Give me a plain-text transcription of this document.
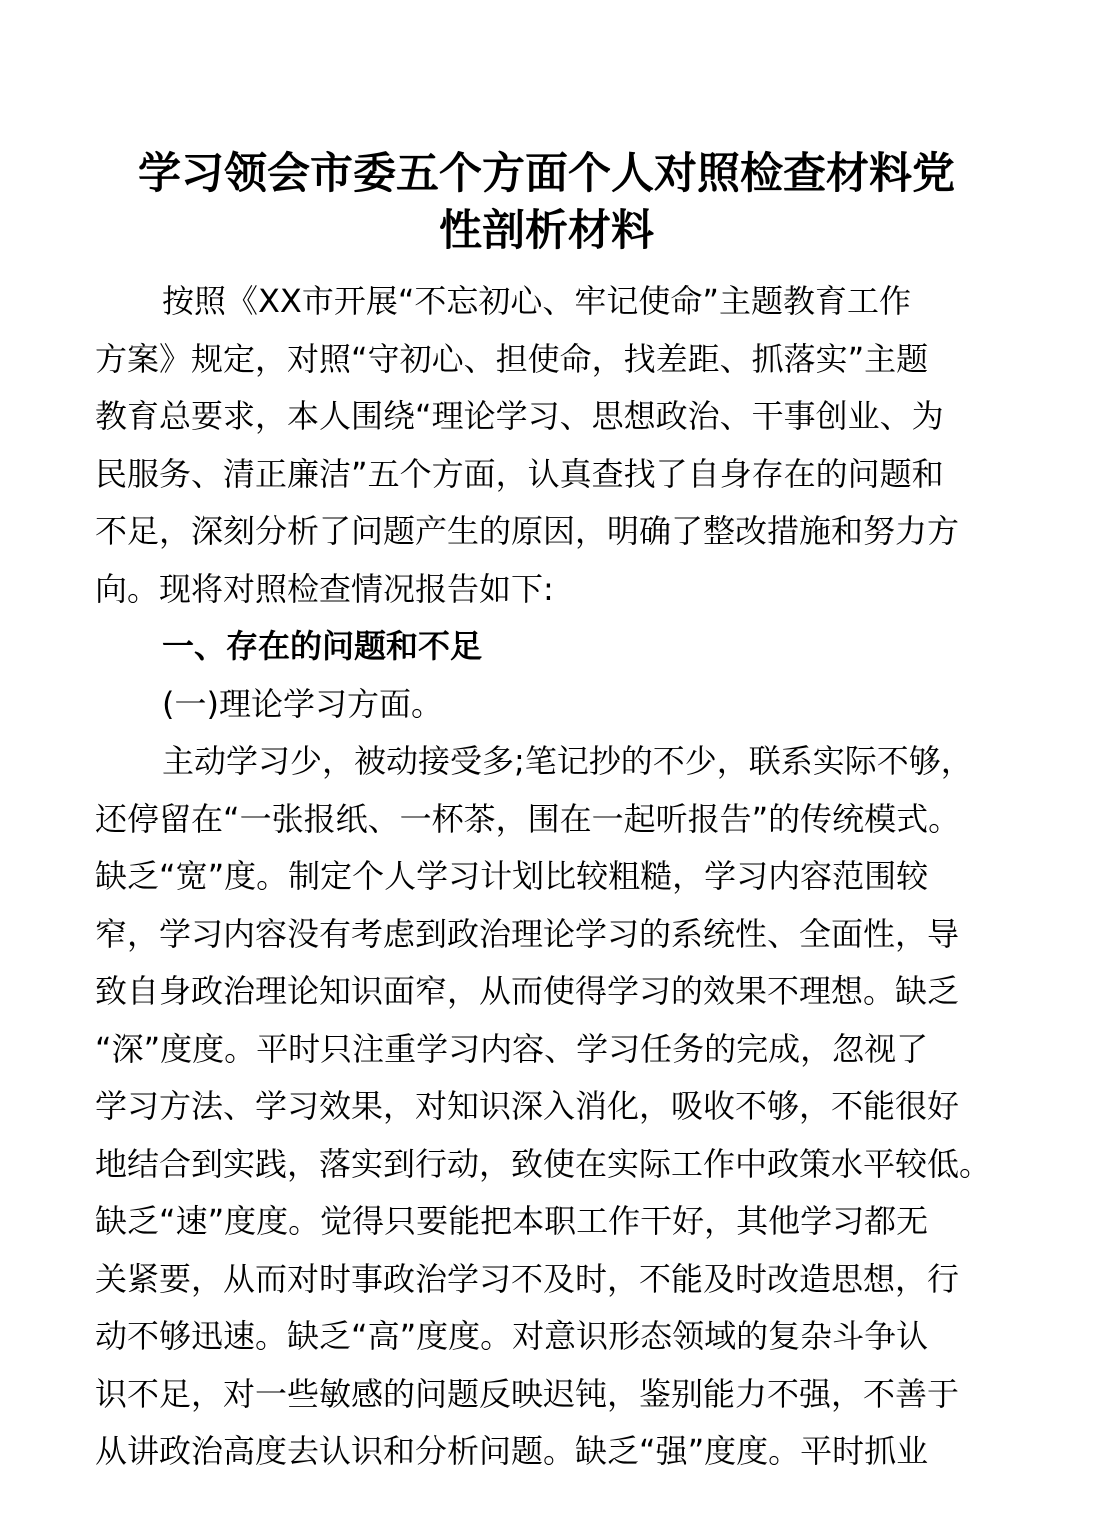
学习领会市委五个方面个人对照检查材料党
性剖析材料
按照《XX市开展“不忘初心、牢记使命”主题教育工作
方案》规定，对照“守初心、担使命，找差距、抓落实”主题
教育总要求，本人围绕“理论学习、思想政治、干事创业、为
民服务、清正廉洁”五个方面，认真查找了自身存在的问题和
不足，深刻分析了问题产生的原因，明确了整改措施和努力方
向。现将对照检查情况报告如下:
一、存在的问题和不足
(一)理论学习方面。
主动学习少，被动接受多;笔记抄的不少，联系实际不够，
还停留在“一张报纸、一杯茶，围在一起听报告”的传统模式。
缺乏“宽”度。制定个人学习计划比较粗糙，学习内容范围较
窄，学习内容没有考虑到政治理论学习的系统性、全面性，导
致自身政治理论知识面窄，从而使得学习的效果不理想。缺乏
“深”度度。平时只注重学习内容、学习任务的完成，忽视了
学习方法、学习效果，对知识深入消化，吸收不够，不能很好
地结合到实践，落实到行动，致使在实际工作中政策水平较低。
缺乏“速”度度。觉得只要能把本职工作干好，其他学习都无
关紧要，从而对时事政治学习不及时，不能及时改造思想，行
动不够迅速。缺乏“高”度度。对意识形态领域的复杂斗争认
识不足，对一些敏感的问题反映迟钝，鉴别能力不强，不善于
从讲政治高度去认识和分析问题。缺乏“强”度度。平时抓业
